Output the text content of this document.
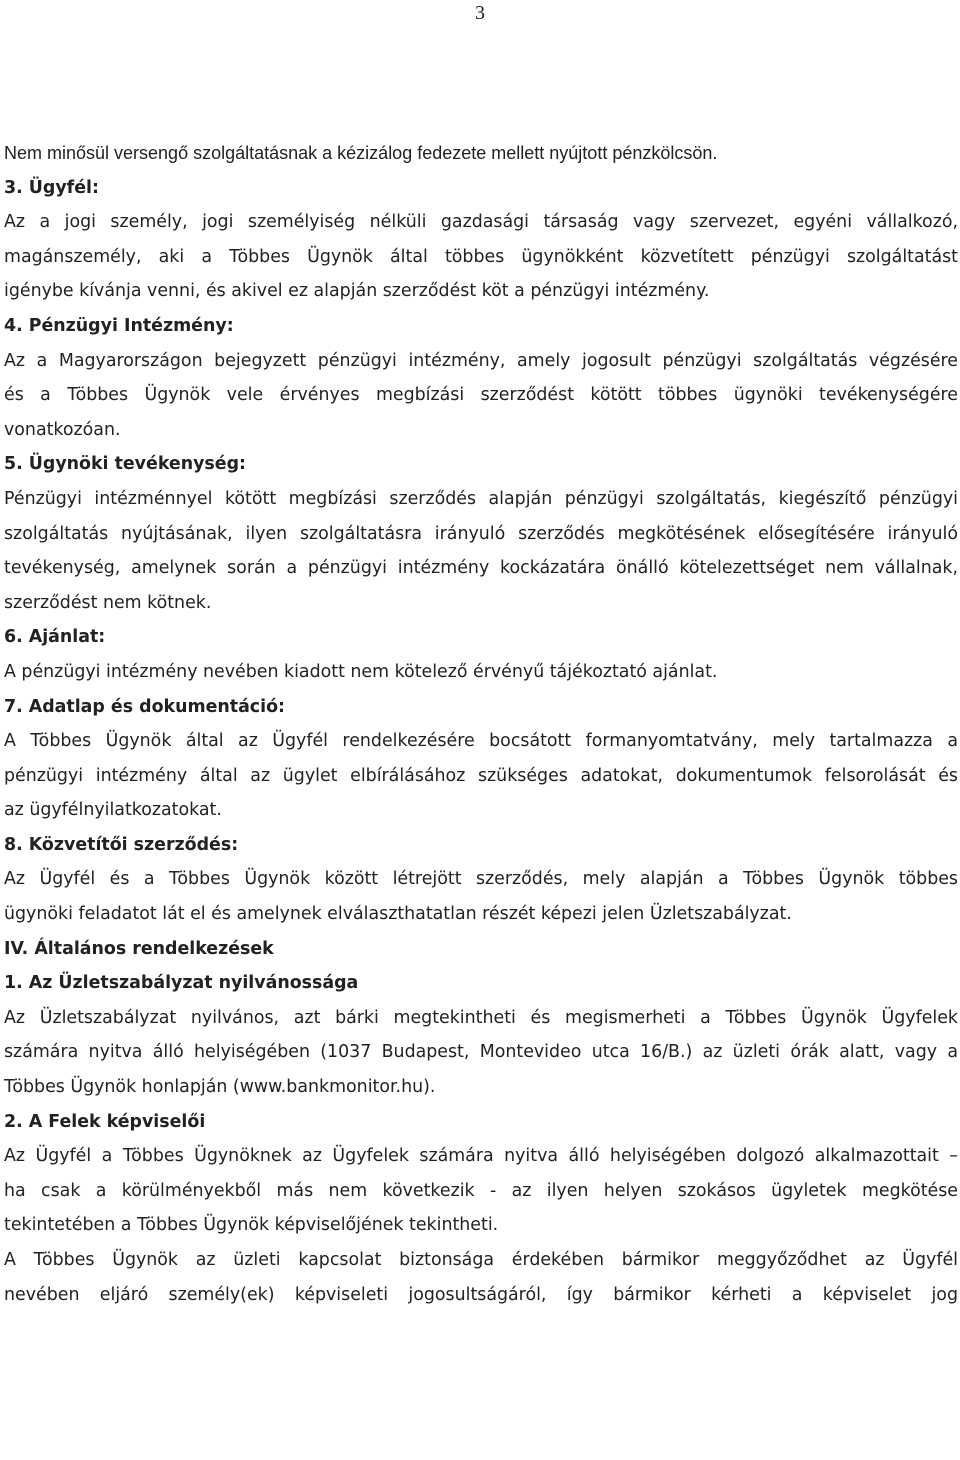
3
Nem minősül versengő szolgáltatásnak a kézizálog fedezete mellett nyújtott pénzkölcsön.
3. Ügyfél:
Az a jogi személy, jogi személyiség nélküli gazdasági társaság vagy szervezet, egyéni vállalkozó,
magánszemély, aki a Többes Ügynök által többes ügynökként közvetített pénzügyi szolgáltatást
igénybe kívánja venni, és akivel ez alapján szerződést köt a pénzügyi intézmény.
4. Pénzügyi Intézmény:
Az a Magyarországon bejegyzett pénzügyi intézmény, amely jogosult pénzügyi szolgáltatás végzésére
és a Többes Ügynök vele érvényes megbízási szerződést kötött többes ügynöki tevékenységére
vonatkozóan.
5. Ügynöki tevékenység:
Pénzügyi intézménnyel kötött megbízási szerződés alapján pénzügyi szolgáltatás, kiegészítő pénzügyi
szolgáltatás nyújtásának, ilyen szolgáltatásra irányuló szerződés megkötésének elősegítésére irányuló
tevékenység, amelynek során a pénzügyi intézmény kockázatára önálló kötelezettséget nem vállalnak,
szerződést nem kötnek.
6. Ajánlat:
A pénzügyi intézmény nevében kiadott nem kötelező érvényű tájékoztató ajánlat.
7. Adatlap és dokumentáció:
A Többes Ügynök által az Ügyfél rendelkezésére bocsátott formanyomtatvány, mely tartalmazza a
pénzügyi intézmény által az ügylet elbírálásához szükséges adatokat, dokumentumok felsorolását és
az ügyfélnyilatkozatokat.
8. Közvetítői szerződés:
Az Ügyfél és a Többes Ügynök között létrejött szerződés, mely alapján a Többes Ügynök többes
ügynöki feladatot lát el és amelynek elválaszthatatlan részét képezi jelen Üzletszabályzat.
IV. Általános rendelkezések
1. Az Üzletszabályzat nyilvánossága
Az Üzletszabályzat nyilvános, azt bárki megtekintheti és megismerheti a Többes Ügynök Ügyfelek
számára nyitva álló helyiségében (1037 Budapest, Montevideo utca 16/B.) az üzleti órák alatt, vagy a
Többes Ügynök honlapján (www.bankmonitor.hu).
2. A Felek képviselői
Az Ügyfél a Többes Ügynöknek az Ügyfelek számára nyitva álló helyiségében dolgozó alkalmazottait –
ha csak a körülményekből más nem következik - az ilyen helyen szokásos ügyletek megkötése
tekintetében a Többes Ügynök képviselőjének tekintheti.
A Többes Ügynök az üzleti kapcsolat biztonsága érdekében bármikor meggyőződhet az Ügyfél
nevében eljáró személy(ek) képviseleti jogosultságáról, így bármikor kérheti a képviselet jog
